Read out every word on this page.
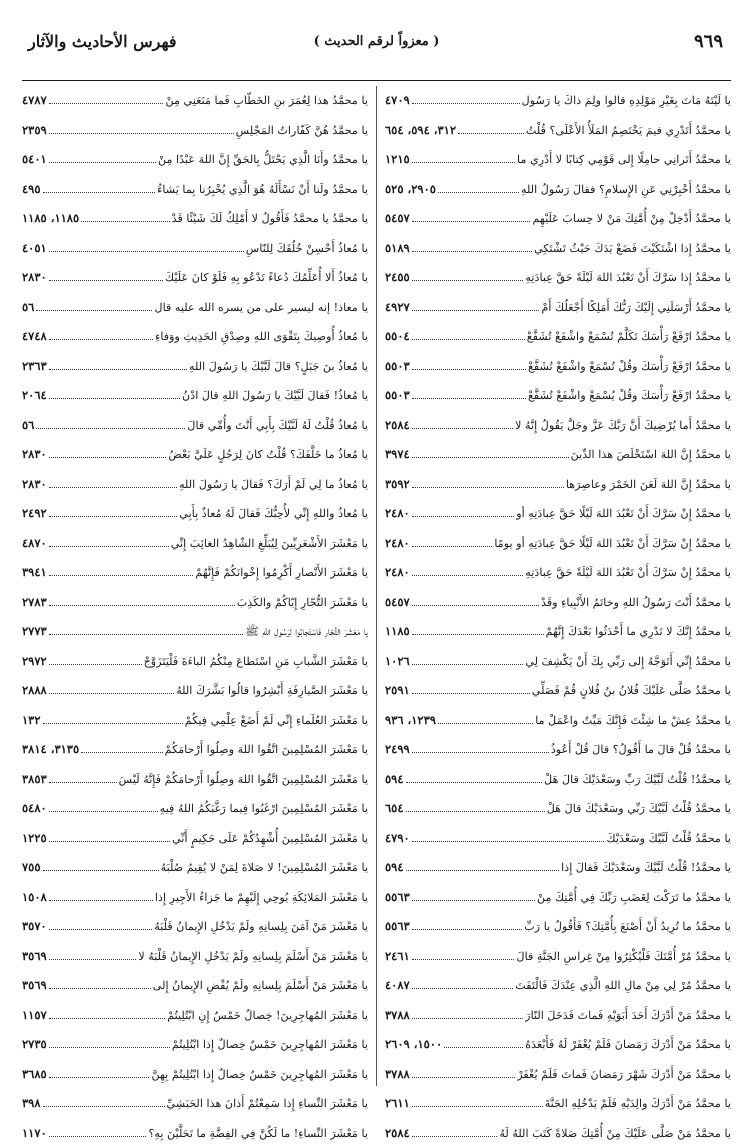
٩٦٩
( معزواً لرقم الحديث )
فهرس الأحاديث والآثار
يا لَيْتَهُ مَاتَ بِغَيْرِ مَوْلِدِهِ قالوا ولِمَ ذاكَ يا رَسُول
٤٧٠٩
يا محمَّدُ أَتَدْرِي فيمَ يَخْتَصِمُ المَلَأُ الأَعْلَى؟ قُلْتُ
٣١٢، ٥٩٤، ٦٥٤
يا محمَّدُ أَتَرانِي حامِلًا إِلى قَوْمِي كِتابًا لا أَدْرِي ما
١٢١٥
يا محمَّدُ أَخْبِرْنِي عَنِ الإِسلامِ؟ فقالَ رَسُولُ اللهِ
٢٩٠٥، ٥٢٥
يا محمَّدُ أَدْخِلْ مِنْ أُمَّتِكَ مَنْ لا حِسابَ عَلَيْهِم
٥٤٥٧
يا محمَّدُ إِذا اشْتَكَيْتَ فَضَعْ يَدَكَ حَيْثُ تَشْتَكِي
٥١٨٩
يا محمَّدُ إِذا سَرَّكَ أَنْ تَعْبُدَ اللهَ لَيْلَةً حَقَّ عِبادَتِهِ
٢٤٥٥
يا محمَّدُ أَرْسَلَنِي إِلَيْكَ رَبُّكَ أَمَلِكًا أَجْعَلُكَ أَمْ
٤٩٢٧
يا محمَّدُ ارْفَعْ رَأْسَكَ تَكَلَّمْ تُسْمَعْ واشْفَعْ تُشَفَّعْ
٥٥٠٤
يا محمَّدُ ارْفَعْ رَأْسَكَ وقُلْ تُسْمَعْ واشْفَعْ تُشَفَّعْ
٥٥٠٣
يا محمَّدُ ارْفَعْ رَأْسَكَ وقُلْ يُسْمَعْ واشْفَعْ تُشَفَّعْ
٥٥٠٣
يا محمَّدُ أَما يُرْضِيكَ أَنَّ رَبَّكَ عَزَّ وجَلَّ يَقُولُ إِنَّهُ لا
٢٥٨٤
يا محمَّدُ إِنَّ اللهَ اسْتَخْلَصَ هذا الدِّينَ
٣٩٧٤
يا محمَّدُ إِنَّ اللهَ لَعَنَ الخَمْرَ وعاصِرَها
٣٥٩٢
يا محمَّدُ إِنْ سَرَّكَ أَنْ تَعْبُدَ اللهَ لَيْلًا حَقَّ عِبادَتِهِ أو
٢٤٨٠
يا محمَّدُ إِنْ سَرَّكَ أَنْ تَعْبُدَ اللهَ لَيْلًا حَقَّ عِبادَتِهِ أو يومًا
٢٤٨٠
يا محمَّدُ إِنْ سَرَّكَ أَنْ تَعْبُدَ اللهَ لَيْلَةً حَقَّ عِبادَتِهِ
٢٤٨٠
يا محمَّدُ أَنْتَ رَسُولُ اللهِ وخاتَمُ الأَنْبِياءِ وقَدْ
٥٤٥٧
يا محمَّدُ إِنَّكَ لا تَدْرِي ما أَحْدَثُوا بَعْدَكَ إِنَّهُمْ
١١٨٥
يا محمَّدُ إِنِّي أَتَوَجَّهُ إِلى رَبِّي بِكَ أَنْ يَكْشِفَ لِي
١٠٢٦
يا محمَّدُ صَلَّى عَلَيْكَ فُلانُ بنُ فُلانٍ قُمْ فَصَلِّي
٢٥٩١
يا محمَّدُ عِشْ ما شِئْتَ فَإِنَّكَ مَيِّتٌ واعْمَلْ ما
١٢٣٩، ٩٣٦
يا محمَّدُ قُلْ قالَ ما أَقُولُ؟ قالَ قُلْ أَعُوذُ
٢٤٩٩
يا محمَّدُ! قُلْتُ لَبَّيْكَ رَبِّ وسَعْدَيْكَ قالَ هَلْ
٥٩٤
يا محمَّدُ قُلْتُ لَبَّيْكَ رَبِّي وسَعْدَيْكَ قالَ هَلْ
٦٥٤
يا محمَّدُ قُلْتُ لَبَّيْكَ وسَعْدَيْكَ
٤٧٩٠
يا محمَّدُ! قُلْتُ لَبَّيْكَ وسَعْدَيْكَ فَقالَ إِذا
٥٩٤
يا محمَّدُ ما تَرَكْتَ لِغَضَبِ رَبِّكَ فِي أُمَّتِكَ مِنْ
٥٥٦٣
يا محمَّدُ ما تُرِيدُ أَنْ أَصْنَعَ بِأُمَّتِكَ؟ فَأَقُولُ يا رَبِّ
٥٥٦٣
يا محمَّدُ مُرْ أُمَّتَكَ فَلْيُكْثِرُوا مِنْ غِراسِ الجَنَّةِ قالَ
٢٤٦١
يا محمَّدُ مُرْ لِي مِنْ مالِ اللهِ الَّذِي عِنْدَكَ فَالْتَفَتَ
٤٠٨٧
يا محمَّدُ مَنْ أَدْرَكَ أَحَدَ أَبَوَيْهِ فَماتَ فَدَخَلَ النّارَ
٣٧٨٨
يا محمَّدُ مَنْ أَدْرَكَ رَمَضانَ فَلَمْ يُغْفَرْ لَهُ فَأَبْعَدَهُ
١٥٠٠، ٢٦٠٩
يا محمَّدُ مَنْ أَدْرَكَ شَهْرَ رَمَضانَ فَماتَ فَلَمْ يُغْفَرْ
٣٧٨٨
يا محمَّدُ مَنْ أَدْرَكَ والِدَيْهِ فَلَمْ يَدْخُلِهِ الجَنَّةَ
٢٦١١
يا محمَّدُ مَنْ صَلَّى عَلَيْكَ مِنْ أُمَّتِكَ صَلاةً كَتَبَ اللهُ لَهُ
٢٥٨٤
يا محمَّدُ هذا لِعُمَرَ بنِ الخَطّابِ فَما مَنَعَنِي مِنْ
٤٧٨٧
يا محمَّدُ هُنَّ كَفّاراتُ المَجْلِسِ
٢٣٥٩
يا محمَّدُ وأَنَا الَّذِي يَحْتَلُّ بِالحَقِّ إِنَّ اللهَ عَبْدًا مِنْ
٥٤٠١
يا محمَّدُ ولَنا أَنْ نَسْأَلَهُ هُوَ الَّذِي يُخْبِرُنا بِما يَشاءُ
٤٩٥
يا محمَّدُ يا محمَّدُ فَأَقُولُ لا أَمْلِكُ لَكَ شَيْئًا قَدْ
١١٨٥، ١١٨٥
يا مُعاذُ أَحْسِنْ خُلُقَكَ لِلنّاسِ
٤٠٥١
يا مُعاذُ أَلا أُعَلِّمُكَ دُعاءً تَدْعُو بِهِ فَلَوْ كانَ عَلَيْكَ
٢٨٣٠
يا معاذ! إنه ليسير على من يسره الله عليه قال
٥٦
يا مُعاذُ أُوصِيكَ بِتَقْوَى اللهِ وصِدْقِ الحَدِيثِ ووَفاءِ
٤٧٤٨
يا مُعاذُ بنَ جَبَلٍ؟ قالَ لَبَّيْكَ يا رَسُولَ اللهِ
٢٣٦٣
يا مُعاذُ! فَقالَ لَبَّيْكَ يا رَسُولَ اللهِ قالَ ادْنُ
٢٠٦٤
يا مُعاذُ قُلْتُ لَهُ لَبَّيْكَ بِأَبِي أَنْتَ وأُمِّي قالَ
٥٦
يا مُعاذُ ما خَلَّفَكَ؟ قُلْتُ كانَ لِرَجُلٍ عَلَيَّ بَعْضُ
٢٨٣٠
يا مُعاذُ ما لِي لَمْ أَرَكَ؟ فَقالَ يا رَسُولَ اللهِ
٢٨٣٠
يا مُعاذُ واللهِ إِنِّي لأُحِبُّكَ فَقالَ لَهُ مُعاذٌ بِأَبِي
٢٤٩٢
يا مَعْشَرَ الأَشْعَرِيِّينَ لِيُبَلِّغِ الشّاهِدُ الغائِبَ إِنِّي
٤٨٧٠
يا مَعْشَرَ الأَنْصارِ أَكْرِمُوا إِخْوانَكُمْ فَإِنَّهُمْ
٣٩٤١
يا مَعْشَرَ التُّجّارِ إِيّاكُمْ والكَذِبَ
٢٧٨٣
يا مَعْشَرَ التُّجّارِ فَاسْتَجابُوا لِرَسُولِ اللهِ ﷺ
٢٧٧٣
يا مَعْشَرَ الشَّبابِ مَنِ اسْتَطاعَ مِنْكُمُ الباءَةَ فَلْيَتَزَوَّجْ
٢٩٧٢
يا مَعْشَرَ الصَّيارِفَةِ أَبْشِرُوا قالُوا بَشَّرَكَ اللهُ
٢٨٨٨
يا مَعْشَرَ العُلَماءِ إِنِّي لَمْ أَضَعْ عِلْمِي فِيكُمْ
١٣٢
يا مَعْشَرَ المُسْلِمِينَ اتَّقُوا اللهَ وصِلُوا أَرْحامَكُمْ
٣١٣٥، ٣٨١٤
يا مَعْشَرَ المُسْلِمِينَ اتَّقُوا اللهَ وصِلُوا أَرْحامَكُمْ فَإِنَّهُ لَيْسَ
٣٨٥٣
يا مَعْشَرَ المُسْلِمِينَ ارْغَبُوا فِيما رَغَّبَكُمُ اللهُ فِيهِ
٥٤٨٠
يا مَعْشَرَ المُسْلِمِينَ أُشْهِدُكُمْ عَلَى حَكِيمٍ أَنِّي
١٢٢٥
يا مَعْشَرَ المُسْلِمِينَ! لا صَلاةَ لِمَنْ لا يُقِيمُ صُلْبَهُ
٧٥٥
يا مَعْشَرَ المَلائِكَةِ يُوحِي إِلَيْهِمْ ما جَزاءُ الأَجِيرِ إِذا
١٥٠٨
يا مَعْشَرَ مَنْ آمَنَ بِلِسانِهِ ولَمْ يَدْخُلِ الإِيمانُ قَلْبَهُ
٣٥٧٠
يا مَعْشَرَ مَنْ أَسْلَمَ بِلِسانِهِ ولَمْ يَدْخُلِ الإِيمانُ قَلْبَهُ لا
٣٥٦٩
يا مَعْشَرَ مَنْ أَسْلَمَ بِلِسانِهِ ولَمْ يُفْضِ الإِيمانُ إِلى
٣٥٦٩
يا مَعْشَرَ المُهاجِرِينَ! خِصالٌ خَمْسٌ إِنِ ابْتُلِيتُمْ
١١٥٧
يا مَعْشَرَ المُهاجِرِينَ خَمْسٌ خِصالٌ إِذا ابْتُلِيتُمْ
٢٧٣٥
يا مَعْشَرَ المُهاجِرِينَ خَمْسٌ خِصالٌ إِذا ابْتُلِيتُمْ بِهِنَّ
٣٦٨٥
يا مَعْشَرَ النِّساءِ إِذا سَمِعْتُمْ أَذانَ هذا الحَبَشِيِّ
٣٩٨
يا مَعْشَرَ النِّساءِ! ما لَكُنَّ فِي الفِضَّةِ ما تَحَلَّيْنَ بِهِ؟
١١٧٠
